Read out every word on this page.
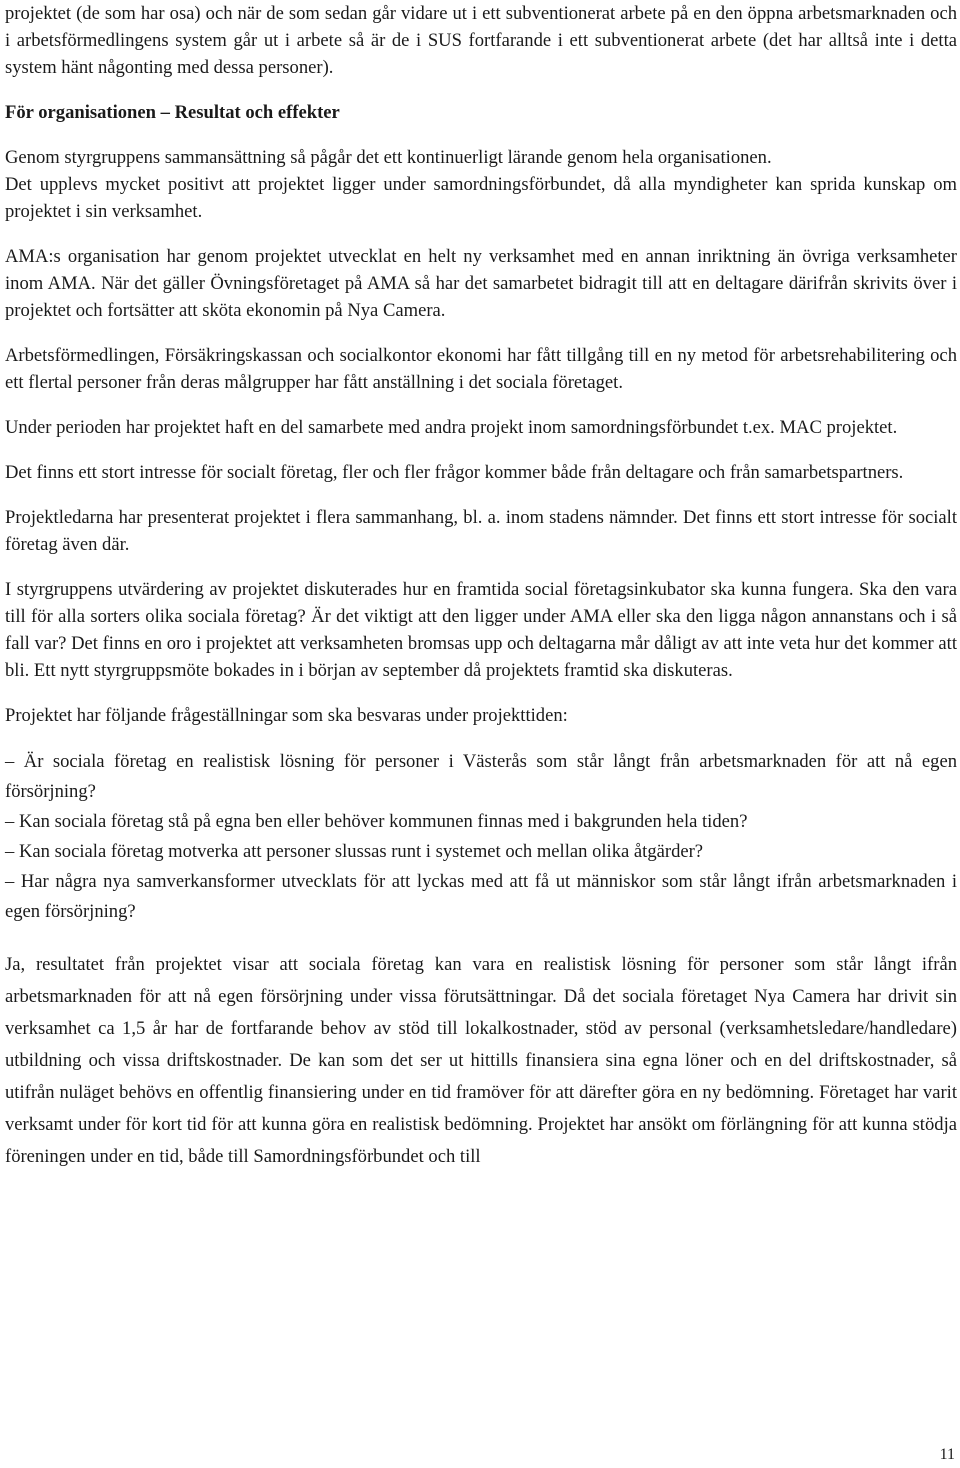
projektet (de som har osa) och när de som sedan går vidare ut i ett subventionerat arbete på en den öppna arbetsmarknaden och i arbetsförmedlingens system går ut i arbete så är de i SUS fortfarande i ett subventionerat arbete (det har alltså inte i detta system hänt någonting med dessa personer).

För organisationen – Resultat och effekter

Genom styrgruppens sammansättning så pågår det ett kontinuerligt lärande genom hela organisationen.

Det upplevs mycket positivt att projektet ligger under samordningsförbundet, då alla myndigheter kan sprida kunskap om projektet i sin verksamhet.

AMA:s organisation har genom projektet utvecklat en helt ny verksamhet med en annan inriktning än övriga verksamheter inom AMA. När det gäller Övningsföretaget på AMA så har det samarbetet bidragit till att en deltagare därifrån skrivits över i projektet och fortsätter att sköta ekonomin på Nya Camera.

Arbetsförmedlingen, Försäkringskassan och socialkontor ekonomi har fått tillgång till en ny metod för arbetsrehabilitering och ett flertal personer från deras målgrupper har fått anställning i det sociala företaget.

Under perioden har projektet haft en del samarbete med andra projekt inom samordningsförbundet t.ex. MAC projektet.

Det finns ett stort intresse för socialt företag, fler och fler frågor kommer både från deltagare och från samarbetspartners.

Projektledarna har presenterat projektet i flera sammanhang, bl. a. inom stadens nämnder. Det finns ett stort intresse för socialt företag även där.

I styrgruppens utvärdering av projektet diskuterades hur en framtida social företagsinkubator ska kunna fungera. Ska den vara till för alla sorters olika sociala företag? Är det viktigt att den ligger under AMA eller ska den ligga någon annanstans och i så fall var? Det finns en oro i projektet att verksamheten bromsas upp och deltagarna mår dåligt av att inte veta hur det kommer att bli. Ett nytt styrgruppsmöte bokades in i början av september då projektets framtid ska diskuteras.

Projektet har följande frågeställningar som ska besvaras under projekttiden:

– Är sociala företag en realistisk lösning för personer i Västerås som står långt från arbetsmarknaden för att nå egen försörjning?

– Kan sociala företag stå på egna ben eller behöver kommunen finnas med i bakgrunden hela tiden?

– Kan sociala företag motverka att personer slussas runt i systemet och mellan olika åtgärder?

– Har några nya samverkansformer utvecklats för att lyckas med att få ut människor som står långt ifrån arbetsmarknaden i egen försörjning?

Ja, resultatet från projektet visar att sociala företag kan vara en realistisk lösning för personer som står långt ifrån arbetsmarknaden för att nå egen försörjning under vissa förutsättningar. Då det sociala företaget Nya Camera har drivit sin verksamhet ca 1,5 år har de fortfarande behov av stöd till lokalkostnader, stöd av personal (verksamhetsledare/handledare) utbildning och vissa driftskostnader. De kan som det ser ut hittills finansiera sina egna löner och en del driftskostnader, så utifrån nuläget behövs en offentlig finansiering under en tid framöver för att därefter göra en ny bedömning. Företaget har varit verksamt under för kort tid för att kunna göra en realistisk bedömning. Projektet har ansökt om förlängning för att kunna stödja föreningen under en tid, både till Samordningsförbundet och till

11
